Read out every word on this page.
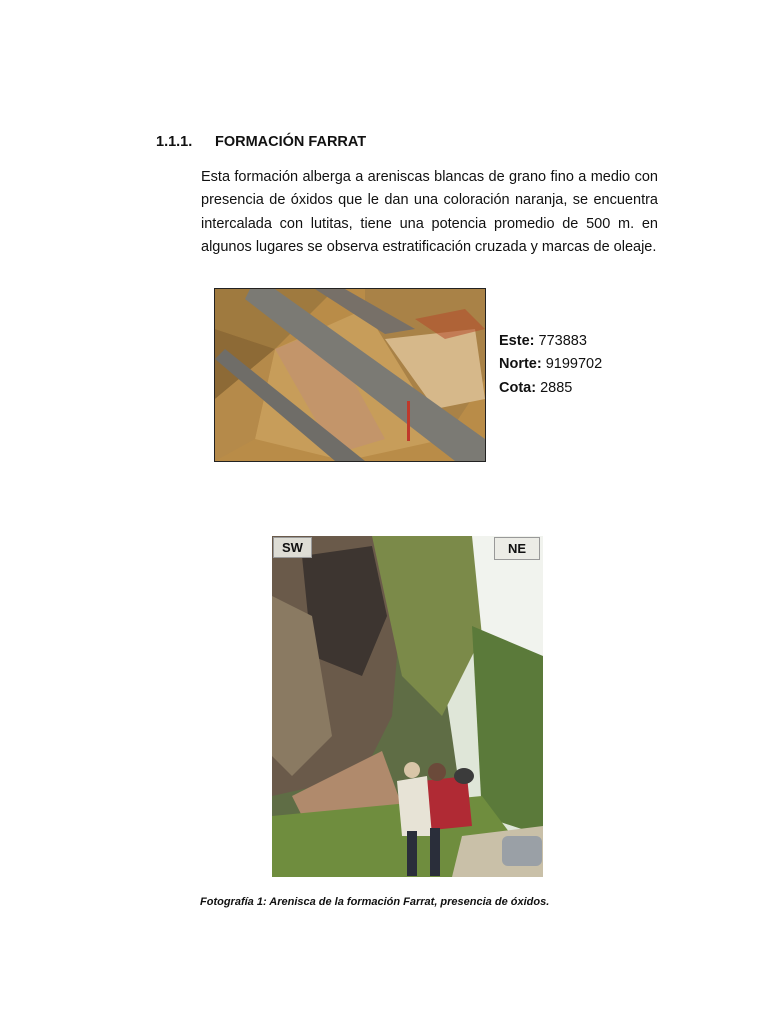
1.1.1. FORMACIÓN FARRAT

Esta formación alberga a areniscas blancas de grano fino a medio con presencia de óxidos que le dan una coloración naranja, se encuentra intercalada con lutitas, tiene una potencia promedio de 500 m. en algunos lugares se observa estratificación cruzada y marcas de oleaje.

Este: 773883
Norte: 9199702
Cota: 2885
SW	NE
Fotografía 1: Arenisca de la formación Farrat, presencia de óxidos.
